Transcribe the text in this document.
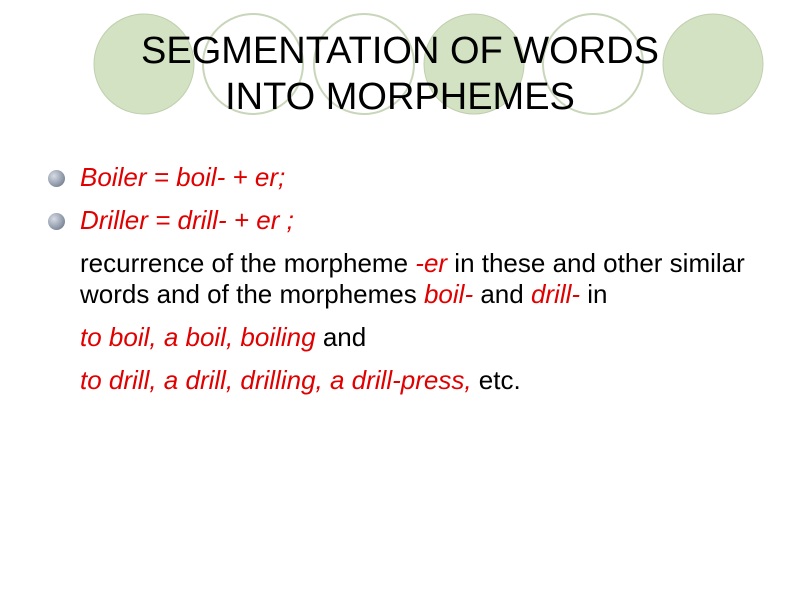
SEGMENTATION OF WORDS
INTO MORPHEMES
Boiler = boil- + er;
Driller = drill- + er ;
recurrence of the morpheme -er in these and other similar words and of the morphemes boil- and drill- in
to boil, a boil, boiling and
to drill, a drill, drilling, a drill-press, etc.
